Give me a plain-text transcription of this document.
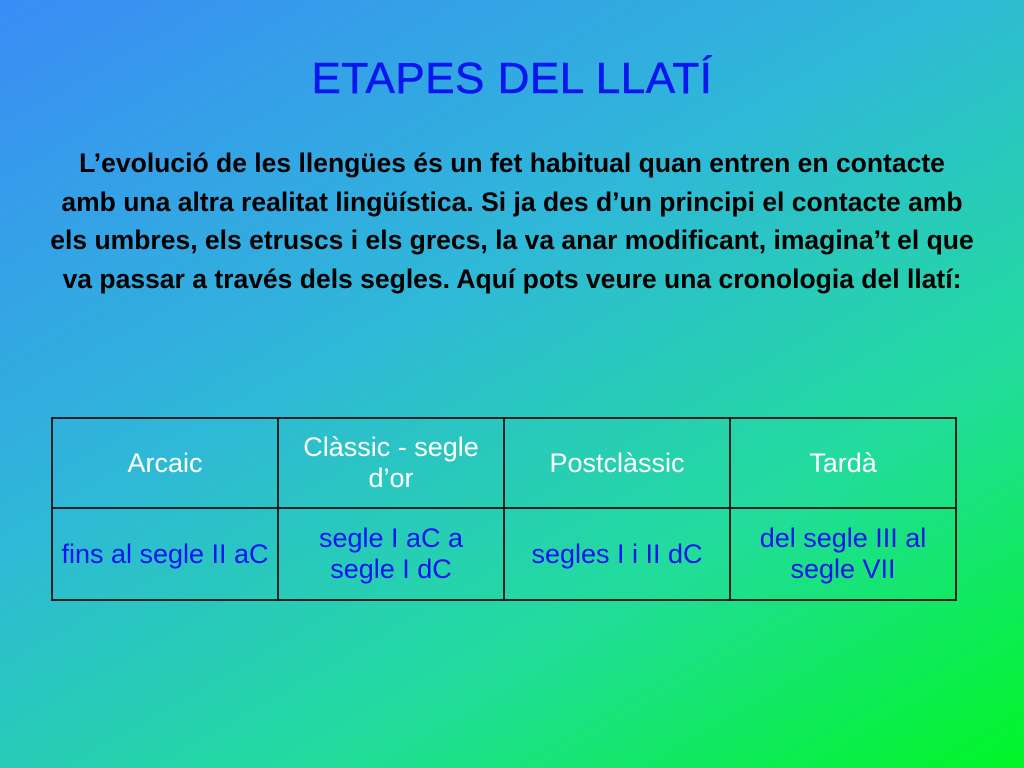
ETAPES DEL LLATÍ

L’evolució de les llengües és un fet habitual quan entren en contacte amb una altra realitat lingüística. Si ja des d’un principi el contacte amb els umbres, els etruscs i els grecs, la va anar modificant, imagina’t el que va passar a través dels segles. Aquí pots veure una cronologia del llatí:

Arcaic	Clàssic - segle d’or	Postclàssic	Tardà
fins al segle II aC	segle I aC a segle I dC	segles I i II dC	del segle III al segle VII
